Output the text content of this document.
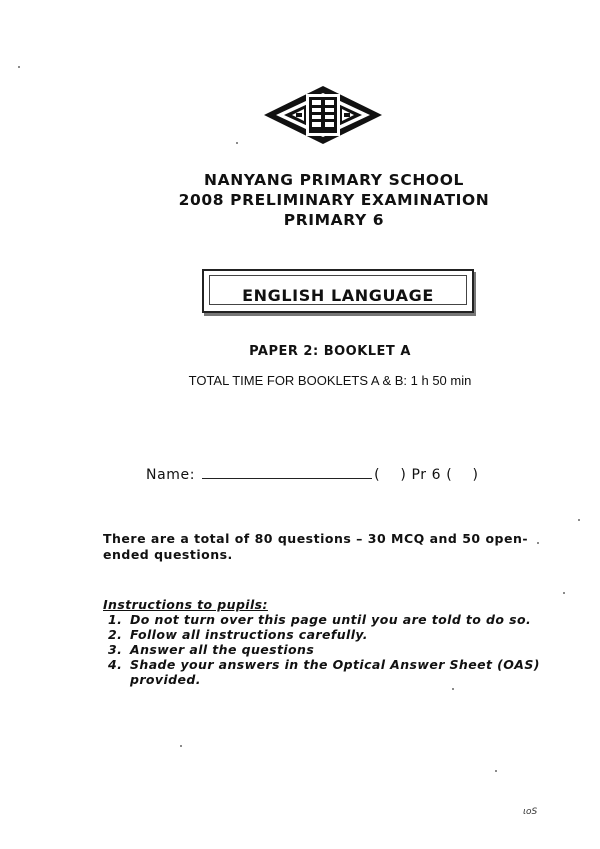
NANYANG PRIMARY SCHOOL
2008 PRELIMINARY EXAMINATION
PRIMARY 6
ENGLISH LANGUAGE
PAPER 2: BOOKLET A
TOTAL TIME FOR BOOKLETS A & B: 1 h 50 min
Name:	( ) Pr 6 ( )
There are a total of 80 questions – 30 MCQ and 50 open-ended questions.
Instructions to pupils:
1. Do not turn over this page until you are told to do so.
2. Follow all instructions carefully.
3. Answer all the questions
4. Shade your answers in the Optical Answer Sheet (OAS) provided.
ιοS
